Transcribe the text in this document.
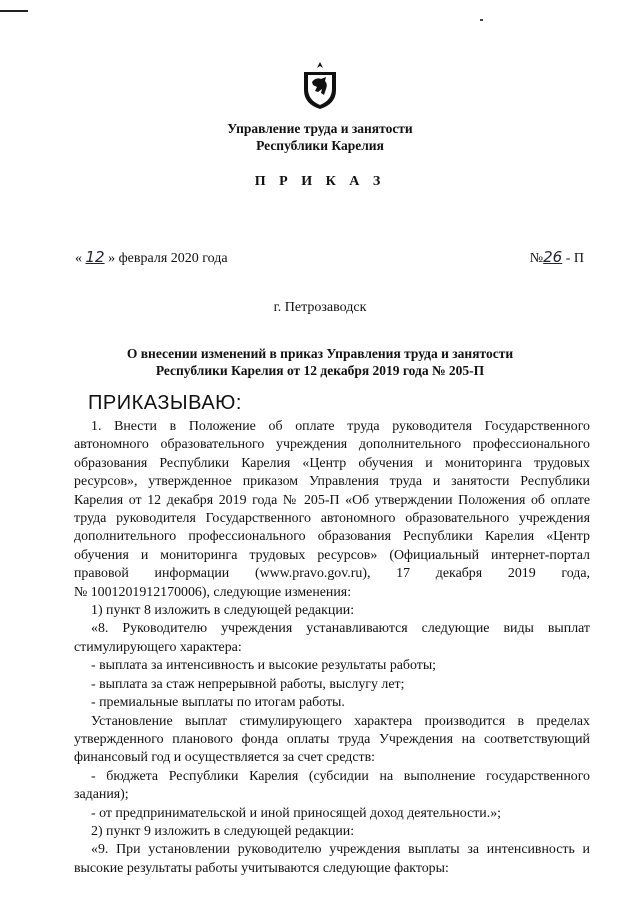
Управление труда и занятости
Республики Карелия
П Р И К А З
« 12 » февраля 2020 года	№26 - П
г. Петрозаводск
О внесении изменений в приказ Управления труда и занятости
Республики Карелия от 12 декабря 2019 года № 205-П
ПРИКАЗЫВАЮ:

1. Внести в Положение об оплате труда руководителя Государственного

автономного образовательного учреждения дополнительного профессионального

образования Республики Карелия «Центр обучения и мониторинга трудовых

ресурсов», утвержденное приказом Управления труда и занятости Республики

Карелия от 12 декабря 2019 года № 205-П «Об утверждении Положения об оплате

труда руководителя Государственного автономного образовательного учреждения

дополнительного профессионального образования Республики Карелия «Центр

обучения и мониторинга трудовых ресурсов» (Официальный интернет-портал

правовой информации (www.pravo.gov.ru), 17 декабря 2019 года,

№ 1001201912170006), следующие изменения:

1) пункт 8 изложить в следующей редакции:

«8. Руководителю учреждения устанавливаются следующие виды выплат

стимулирующего характера:

- выплата за интенсивность и высокие результаты работы;

- выплата за стаж непрерывной работы, выслугу лет;

- премиальные выплаты по итогам работы.

Установление выплат стимулирующего характера производится в пределах

утвержденного планового фонда оплаты труда Учреждения на соответствующий

финансовый год и осуществляется за счет средств:

- бюджета Республики Карелия (субсидии на выполнение государственного

задания);

- от предпринимательской и иной приносящей доход деятельности.»;

2) пункт 9 изложить в следующей редакции:

«9. При установлении руководителю учреждения выплаты за интенсивность и

высокие результаты работы учитываются следующие факторы:
